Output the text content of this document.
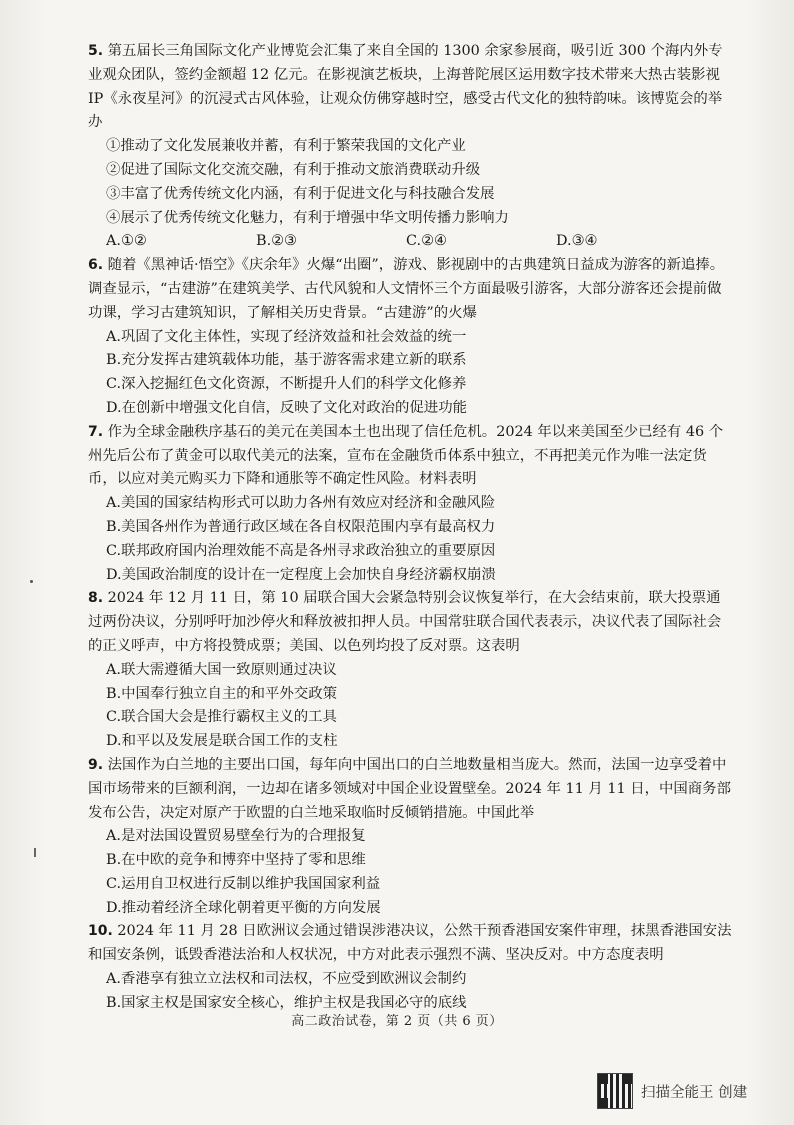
5. 第五届长三角国际文化产业博览会汇集了来自全国的 1300 余家参展商，吸引近 300 个海内外专业观众团队，签约金额超 12 亿元。在影视演艺板块，上海普陀展区运用数字技术带来大热古装影视 IP《永夜星河》的沉浸式古风体验，让观众仿佛穿越时空，感受古代文化的独特韵味。该博览会的举办
①推动了文化发展兼收并蓄，有利于繁荣我国的文化产业
②促进了国际文化交流交融，有利于推动文旅消费联动升级
③丰富了优秀传统文化内涵，有利于促进文化与科技融合发展
④展示了优秀传统文化魅力，有利于增强中华文明传播力影响力
A.①②	B.②③	C.②④	D.③④
6. 随着《黑神话·悟空》《庆余年》火爆“出圈”，游戏、影视剧中的古典建筑日益成为游客的新追捧。调查显示，“古建游”在建筑美学、古代风貌和人文情怀三个方面最吸引游客，大部分游客还会提前做功课，学习古建筑知识，了解相关历史背景。“古建游”的火爆
A.巩固了文化主体性，实现了经济效益和社会效益的统一
B.充分发挥古建筑载体功能，基于游客需求建立新的联系
C.深入挖掘红色文化资源，不断提升人们的科学文化修养
D.在创新中增强文化自信，反映了文化对政治的促进功能
7. 作为全球金融秩序基石的美元在美国本土也出现了信任危机。2024 年以来美国至少已经有 46 个州先后公布了黄金可以取代美元的法案，宣布在金融货币体系中独立，不再把美元作为唯一法定货币，以应对美元购买力下降和通胀等不确定性风险。材料表明
A.美国的国家结构形式可以助力各州有效应对经济和金融风险
B.美国各州作为普通行政区域在各自权限范围内享有最高权力
C.联邦政府国内治理效能不高是各州寻求政治独立的重要原因
D.美国政治制度的设计在一定程度上会加快自身经济霸权崩溃
8. 2024 年 12 月 11 日，第 10 届联合国大会紧急特别会议恢复举行，在大会结束前，联大投票通过两份决议，分别呼吁加沙停火和释放被扣押人员。中国常驻联合国代表表示，决议代表了国际社会的正义呼声，中方将投赞成票；美国、以色列均投了反对票。这表明
A.联大需遵循大国一致原则通过决议
B.中国奉行独立自主的和平外交政策
C.联合国大会是推行霸权主义的工具
D.和平以及发展是联合国工作的支柱
9. 法国作为白兰地的主要出口国，每年向中国出口的白兰地数量相当庞大。然而，法国一边享受着中国市场带来的巨额利润，一边却在诸多领域对中国企业设置壁垒。2024 年 11 月 11 日，中国商务部发布公告，决定对原产于欧盟的白兰地采取临时反倾销措施。中国此举
A.是对法国设置贸易壁垒行为的合理报复
B.在中欧的竞争和博弈中坚持了零和思维
C.运用自卫权进行反制以维护我国国家利益
D.推动着经济全球化朝着更平衡的方向发展
10. 2024 年 11 月 28 日欧洲议会通过错误涉港决议，公然干预香港国安案件审理，抹黑香港国安法和国安条例，诋毁香港法治和人权状况，中方对此表示强烈不满、坚决反对。中方态度表明
A.香港享有独立立法权和司法权，不应受到欧洲议会制约
B.国家主权是国家安全核心，维护主权是我国必守的底线
高二政治试卷，第 2 页（共 6 页）
扫描全能王 创建
